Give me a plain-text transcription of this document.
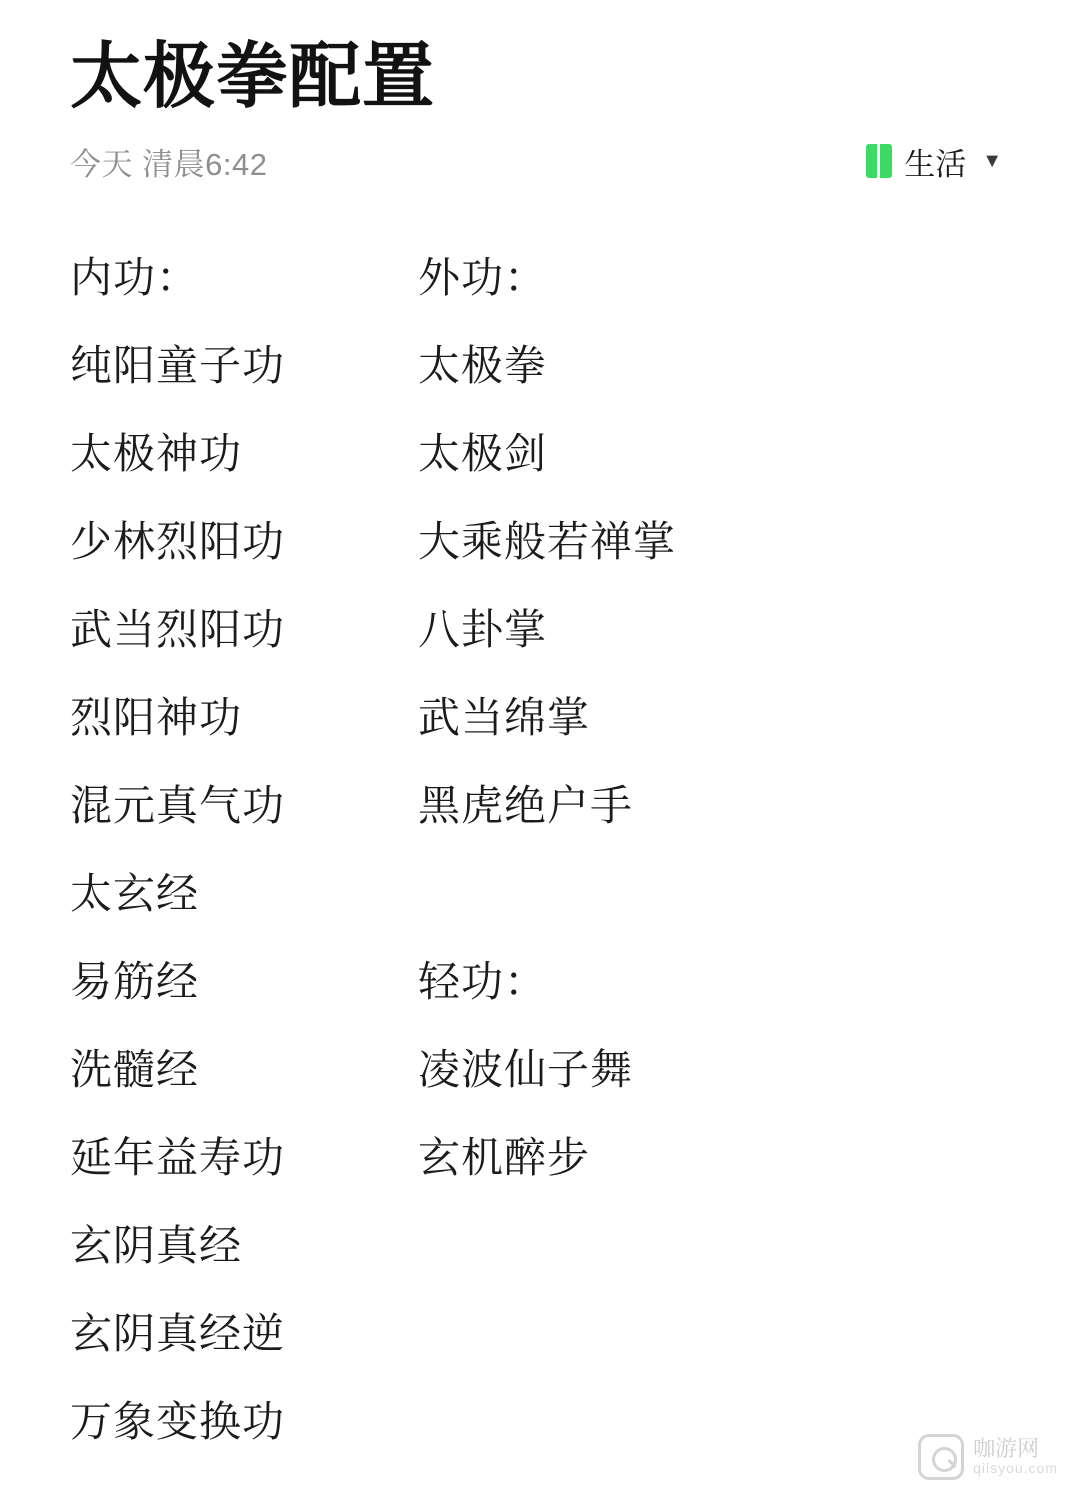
太极拳配置
今天 清晨6:42	生活 ▼
内功：
纯阳童子功
太极神功
少林烈阳功
武当烈阳功
烈阳神功
混元真气功
太玄经
易筋经
洗髓经
延年益寿功
玄阴真经
玄阴真经逆
万象变换功
外功：
太极拳
太极剑
大乘般若禅掌
八卦掌
武当绵掌
黑虎绝户手

轻功：
凌波仙子舞
玄机醉步
咖游网
qiisyou.com
